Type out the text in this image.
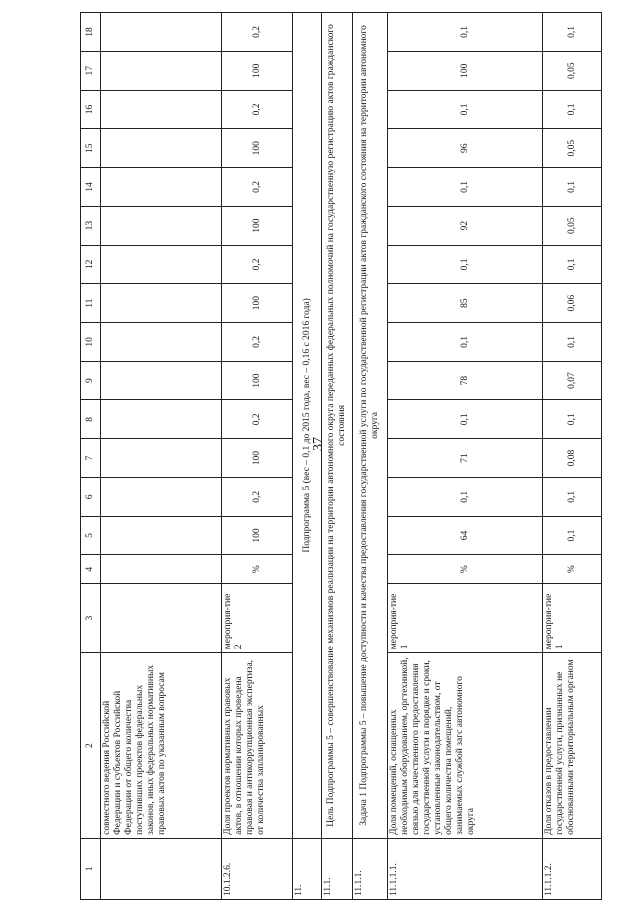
37
1	2	3	4	5	6	7	8	9	10	11	12	13	14	15	16	17	18
	совместного ведения Российской Федерации и субъектов Российской Федерации от общего количества поступивших проектов федеральных законов, иных федеральных нормативных правовых актов по указанным вопросам																
10.1.2.6.	Доля проектов нормативных правовых актов, в отношении которых проведена правовая и антикоррупционная экспертиза, от количества запланированных	мероприя-тие 2	%	100	0,2	100	0,2	100	0,2	100	0,2	100	0,2	100	0,2	100	0,2
11.	Подпрограмма 5 (вес – 0,1 до 2015 года, вес – 0,16 с 2016 года)																
11.1.	Цель Подпрограммы 5 – совершенствование механизмов реализации на территории автономного округа переданных федеральных полномочий на государственную регистрацию актов гражданского состояния																
11.1.1.	Задача 1 Подпрограммы 5 – повышение доступности и качества предоставления государственной услуги по государственной регистрации актов гражданского состояния на территории автономного округа																
11.1.1.1.	Доля помещений, оснащенных необходимым оборудованием, оргтехникой, связью для качественного предоставления государственной услуги в порядке и сроки, установленные законодательством, от общего количества помещений, занимаемых службой загс автономного округа	мероприя-тие 1	%	64	0,1	71	0,1	78	0,1	85	0,1	92	0,1	96	0,1	100	0,1
11.1.1.2.	Доля отказов в предоставлении государственной услуги, признанных не обоснованными территориальным органом	мероприя-тие 1	%	0,1	0,1	0,08	0,1	0,07	0,1	0,06	0,1	0,05	0,1	0,05	0,1	0,05	0,1
